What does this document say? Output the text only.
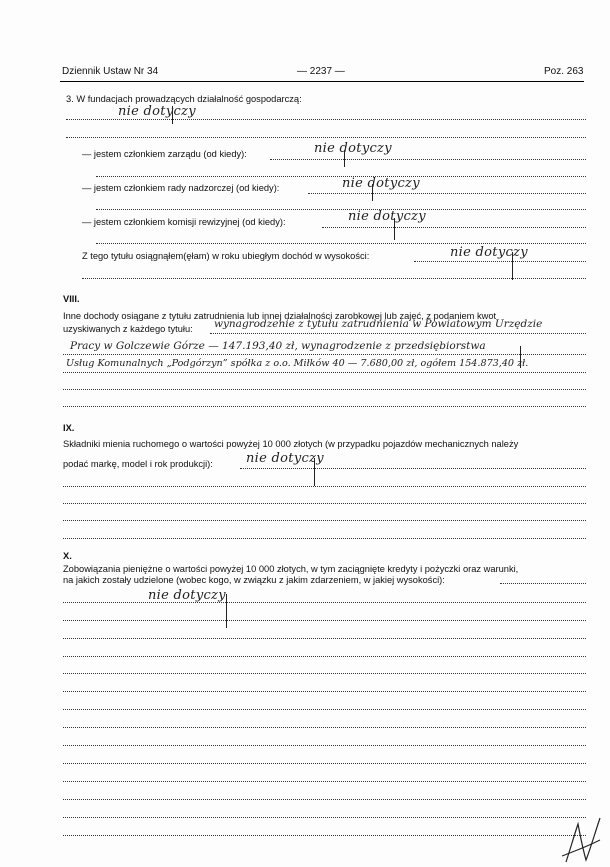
Dziennik Ustaw Nr 34	— 2237 —	Poz. 263
3. W fundacjach prowadzących działalność gospodarczą:
nie dotyczy
— jestem członkiem zarządu (od kiedy):	nie dotyczy
— jestem członkiem rady nadzorczej (od kiedy):	nie dotyczy
— jestem członkiem komisji rewizyjnej (od kiedy):	nie dotyczy
Z tego tytułu osiągnąłem(ęłam) w roku ubiegłym dochód w wysokości:	nie dotyczy
VIII.
Inne dochody osiągane z tytułu zatrudnienia lub innej działalności zarobkowej lub zajęć, z podaniem kwot
uzyskiwanych z każdego tytułu: wynagrodzenie z tytułu zatrudnienia w Powiatowym Urzędzie
Pracy w Golczewie Górze — 147.193,40 zł, wynagrodzenie z przedsiębiorstwa
Usług Komunalnych „Podgórzyn” spółka z o.o. Miłków 40 — 7.680,00 zł, ogółem 154.873,40 zł.
IX.
Składniki mienia ruchomego o wartości powyżej 10 000 złotych (w przypadku pojazdów mechanicznych należy
podać markę, model i rok produkcji):	nie dotyczy
X.
Zobowiązania pieniężne o wartości powyżej 10 000 złotych, w tym zaciągnięte kredyty i pożyczki oraz warunki,
na jakich zostały udzielone (wobec kogo, w związku z jakim zdarzeniem, w jakiej wysokości):
nie dotyczy
